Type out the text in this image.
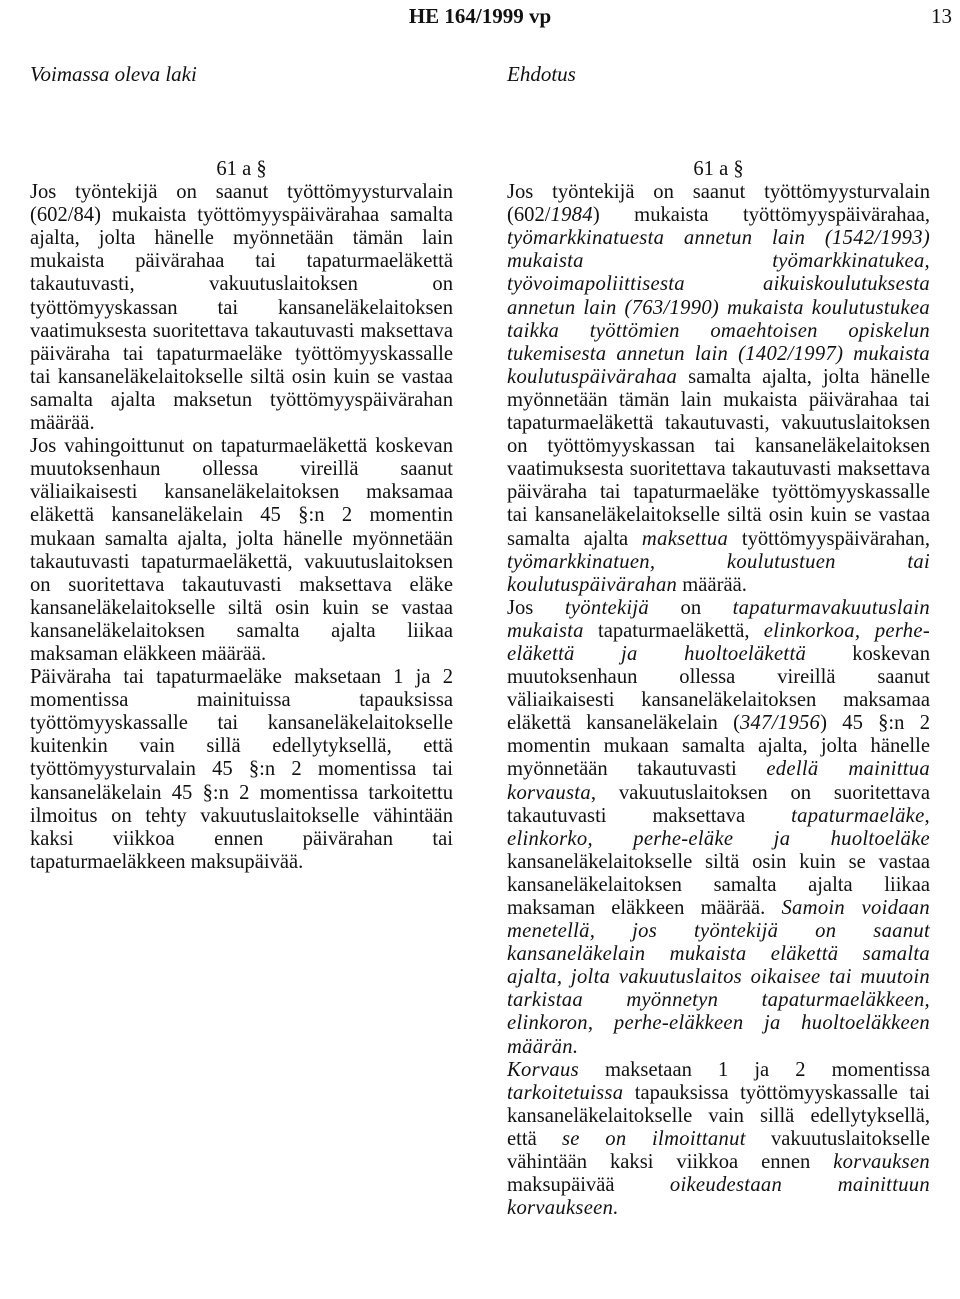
HE 164/1999 vp	13
Voimassa oleva laki	Ehdotus

61 a §

Jos työntekijä on saanut työttömyysturvalain (602/84) mukaista työttömyyspäivärahaa samalta ajalta, jolta hänelle myönnetään tämän lain mukaista päivärahaa tai tapaturmaeläkettä takautuvasti, vakuutuslaitoksen on työttömyyskassan tai kansaneläkelaitoksen vaatimuksesta suoritettava takautuvasti maksettava päiväraha tai tapaturmaeläke työttömyyskassalle tai kansaneläkelaitokselle siltä osin kuin se vastaa samalta ajalta maksetun työttömyyspäivärahan määrää.

Jos vahingoittunut on tapaturmaeläkettä koskevan muutoksenhaun ollessa vireillä saanut väliaikaisesti kansaneläkelaitoksen maksamaa eläkettä kansaneläkelain 45 §:n 2 momentin mukaan samalta ajalta, jolta hänelle myönnetään takautuvasti tapaturmaeläkettä, vakuutuslaitoksen on suoritettava takautuvasti maksettava eläke kansaneläkelaitokselle siltä osin kuin se vastaa kansaneläkelaitoksen samalta ajalta liikaa maksaman eläkkeen määrää.

Päiväraha tai tapaturmaeläke maksetaan 1 ja 2 momentissa mainituissa tapauksissa työttömyyskassalle tai kansaneläkelaitokselle kuitenkin vain sillä edellytyksellä, että työttömyysturvalain 45 §:n 2 momentissa tai kansaneläkelain 45 §:n 2 momentissa tarkoitettu ilmoitus on tehty vakuutuslaitokselle vähintään kaksi viikkoa ennen päivärahan tai tapaturmaeläkkeen maksupäivää.

61 a §

Jos työntekijä on saanut työttömyysturvalain (602/1984) mukaista työttömyyspäivärahaa, työmarkkinatuesta annetun lain (1542/1993) mukaista työmarkkinatukea, työvoimapoliittisesta aikuiskoulutuksesta annetun lain (763/1990) mukaista koulutustukea taikka työttömien omaehtoisen opiskelun tukemisesta annetun lain (1402/1997) mukaista koulutuspäivärahaa samalta ajalta, jolta hänelle myönnetään tämän lain mukaista päivärahaa tai tapaturmaeläkettä takautuvasti, vakuutuslaitoksen on työttömyyskassan tai kansaneläkelaitoksen vaatimuksesta suoritettava takautuvasti maksettava päiväraha tai tapaturmaeläke työttömyyskassalle tai kansaneläkelaitokselle siltä osin kuin se vastaa samalta ajalta maksettua työttömyyspäivärahan, työmarkkinatuen, koulutustuen tai koulutuspäivärahan määrää.

Jos työntekijä on tapaturmavakuutuslain mukaista tapaturmaeläkettä, elinkorkoa, perhe-eläkettä ja huoltoeläkettä koskevan muutoksenhaun ollessa vireillä saanut väliaikaisesti kansaneläkelaitoksen maksamaa eläkettä kansaneläkelain (347/1956) 45 §:n 2 momentin mukaan samalta ajalta, jolta hänelle myönnetään takautuvasti edellä mainittua korvausta, vakuutuslaitoksen on suoritettava takautuvasti maksettava tapaturmaeläke, elinkorko, perhe-eläke ja huoltoeläke kansaneläkelaitokselle siltä osin kuin se vastaa kansaneläkelaitoksen samalta ajalta liikaa maksaman eläkkeen määrää. Samoin voidaan menetellä, jos työntekijä on saanut kansaneläkelain mukaista eläkettä samalta ajalta, jolta vakuutuslaitos oikaisee tai muutoin tarkistaa myönnetyn tapaturmaeläkkeen, elinkoron, perhe-eläkkeen ja huoltoeläkkeen määrän.

Korvaus maksetaan 1 ja 2 momentissa tarkoitetuissa tapauksissa työttömyyskassalle tai kansaneläkelaitokselle vain sillä edellytyksellä, että se on ilmoittanut vakuutuslaitokselle vähintään kaksi viikkoa ennen korvauksen maksupäivää oikeudestaan mainittuun korvaukseen.
